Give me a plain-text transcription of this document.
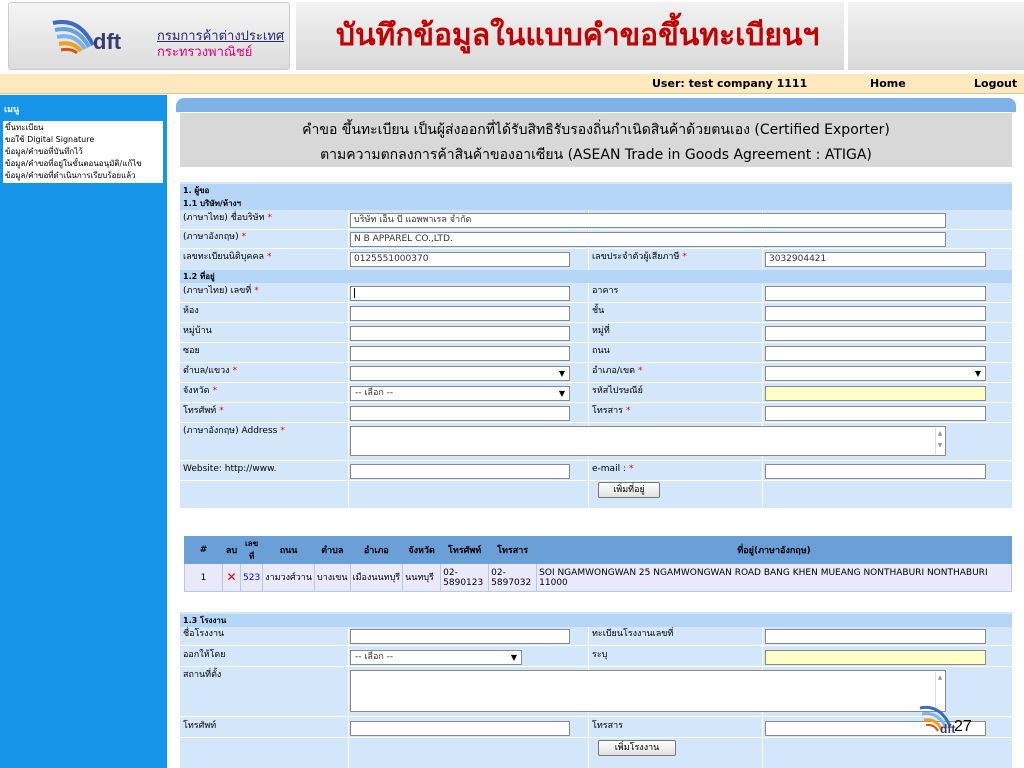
dft	กรมการค้าต่างประเทศ
กระทรวงพาณิชย์	บันทึกข้อมูลในแบบคำขอขึ้นทะเบียนฯ
User: test company 1111	Home	Logout
เมนู
ขึ้นทะเบียน
ขอใช้ Digital Signature
ข้อมูล/คำขอที่บันทึกไว้
ข้อมูล/คำขอที่อยู่ในขั้นตอนอนุมัติ/แก้ไข
ข้อมูล/คำขอที่ดำเนินการเรียบร้อยแล้ว
คำขอ ขึ้นทะเบียน เป็นผู้ส่งออกที่ได้รับสิทธิรับรองถิ่นกำเนิดสินค้าด้วยตนเอง (Certified Exporter)
ตามความตกลงการค้าสินค้าของอาเซียน (ASEAN Trade in Goods Agreement : ATIGA)
1. ผู้ขอ
1.1 บริษัท/ห้างฯ
(ภาษาไทย) ชื่อบริษัท *	บริษัท เอ็น บี แอพพาเรล จำกัด
(ภาษาอังกฤษ) *	N B APPAREL CO.,LTD.
เลขทะเบียนนิติบุคคล *	0125551000370	เลขประจำตัวผู้เสียภาษี *	3032904421
1.2 ที่อยู่
(ภาษาไทย) เลขที่ *	อาคาร
ห้อง	ชั้น
หมู่บ้าน	หมู่ที่
ซอย	ถนน
ตำบล/แขวง *	▼	อำเภอ/เขต *	▼
จังหวัด *	-- เลือก --	▼	รหัสไปรษณีย์
โทรศัพท์ *	โทรสาร *
(ภาษาอังกฤษ) Address *	▲
▼
Website: http://www.	e-mail : *
เพิ่มที่อยู่
1.3 โรงงาน
ชื่อโรงงาน	ทะเบียนโรงงานเลขที่
ออกให้โดย	-- เลือก --	▼	ระบุ
สถานที่ตั้ง	▲
โทรศัพท์	โทรสาร
เพิ่มโรงงาน
#	ลบ	เลขที่	ถนน	ตำบล	อำเภอ	จังหวัด	โทรศัพท์	โทรสาร	ที่อยู่(ภาษาอังกฤษ)
1	✕	523	งามวงศ์วาน	บางเขน	เมืองนนทบุรี	นนทบุรี	02-5890123	02-5897032	SOI NGAMWONGWAN 25 NGAMWONGWAN ROAD BANG KHEN MUEANG NONTHABURI NONTHABURI 11000
dft
27
